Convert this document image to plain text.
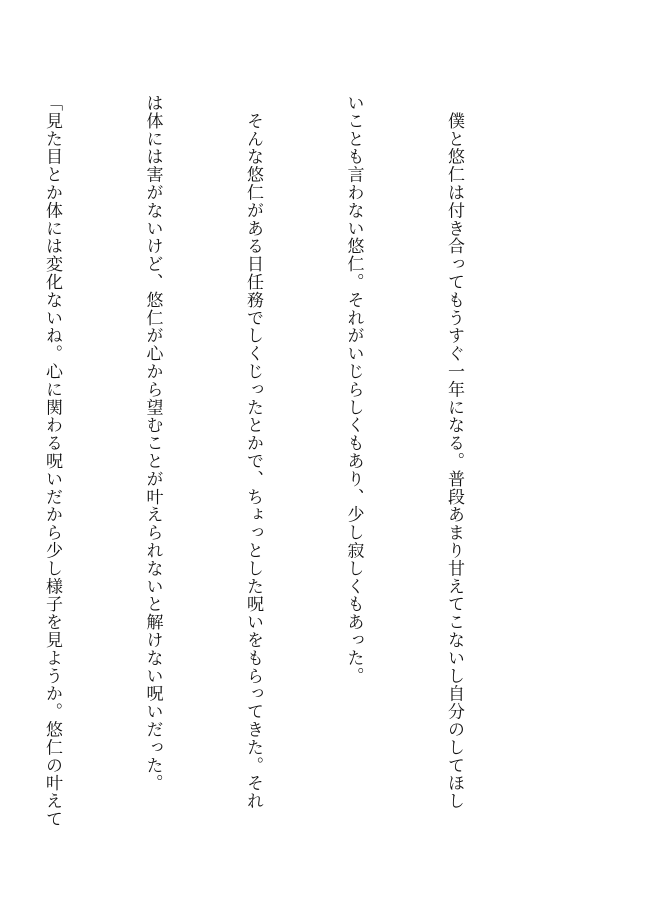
　僕と悠仁は付き合ってもうすぐ一年になる。普段あまり甘えてこないし自分のしてほし

いことも言わない悠仁。それがいじらしくもあり、少し寂しくもあった。

　そんな悠仁がある日任務でしくじったとかで、ちょっとした呪いをもらってきた。それ

は体には害がないけど、悠仁が心から望むことが叶えられないと解けない呪いだった。

「見た目とか体には変化ないね。心に関わる呪いだから少し様子を見ようか。悠仁の叶えて
